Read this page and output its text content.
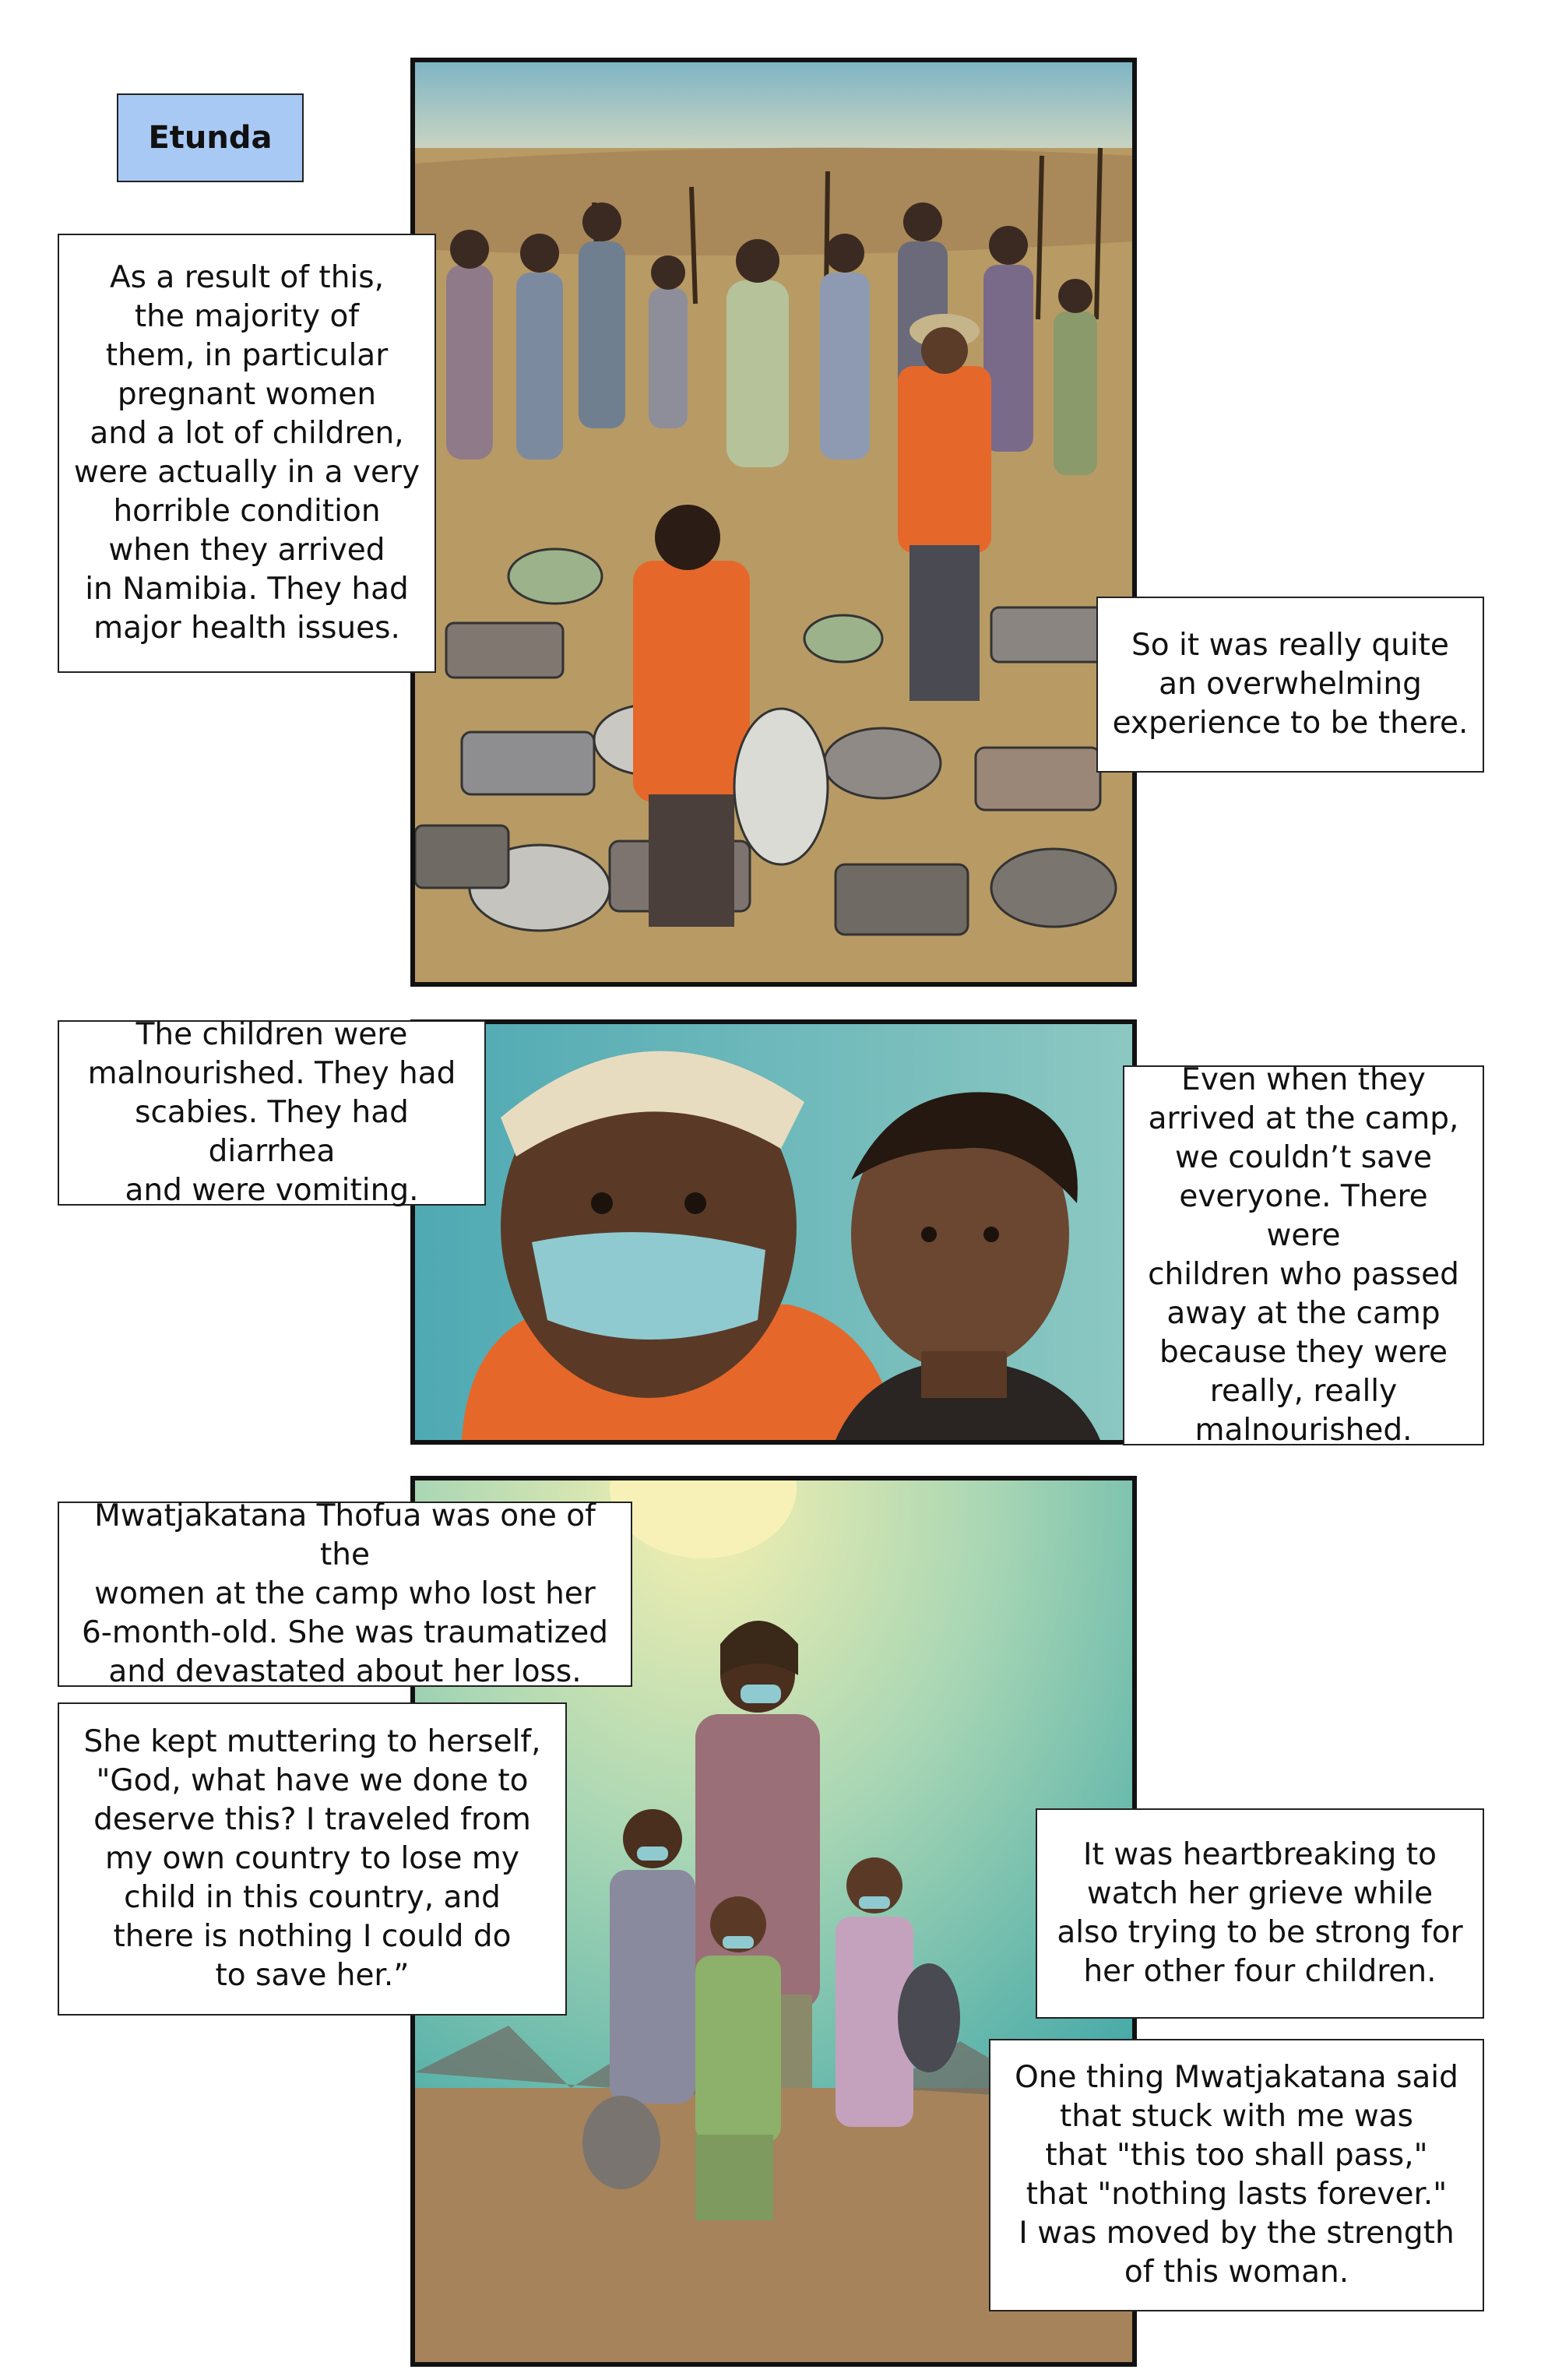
Etunda
As a result of this,
the majority of
them, in particular
pregnant women
and a lot of children,
were actually in a very
horrible condition
when they arrived
in Namibia. They had
major health issues.	So it was really quite
an overwhelming
experience to be there.
The children were
malnourished. They had
scabies. They had diarrhea
and were vomiting.
Even when they
arrived at the camp,
we couldn’t save
everyone. There were
children who passed
away at the camp
because they were
really, really
malnourished.
Mwatjakatana Thofua was one of the
women at the camp who lost her
6-month-old. She was traumatized
and devastated about her loss.
She kept muttering to herself,
"God, what have we done to
deserve this? I traveled from
my own country to lose my
child in this country, and
there is nothing I could do
to save her.”
It was heartbreaking to
watch her grieve while
also trying to be strong for
her other four children.
One thing Mwatjakatana said
that stuck with me was
that "this too shall pass,"
that "nothing lasts forever."
I was moved by the strength
of this woman.
